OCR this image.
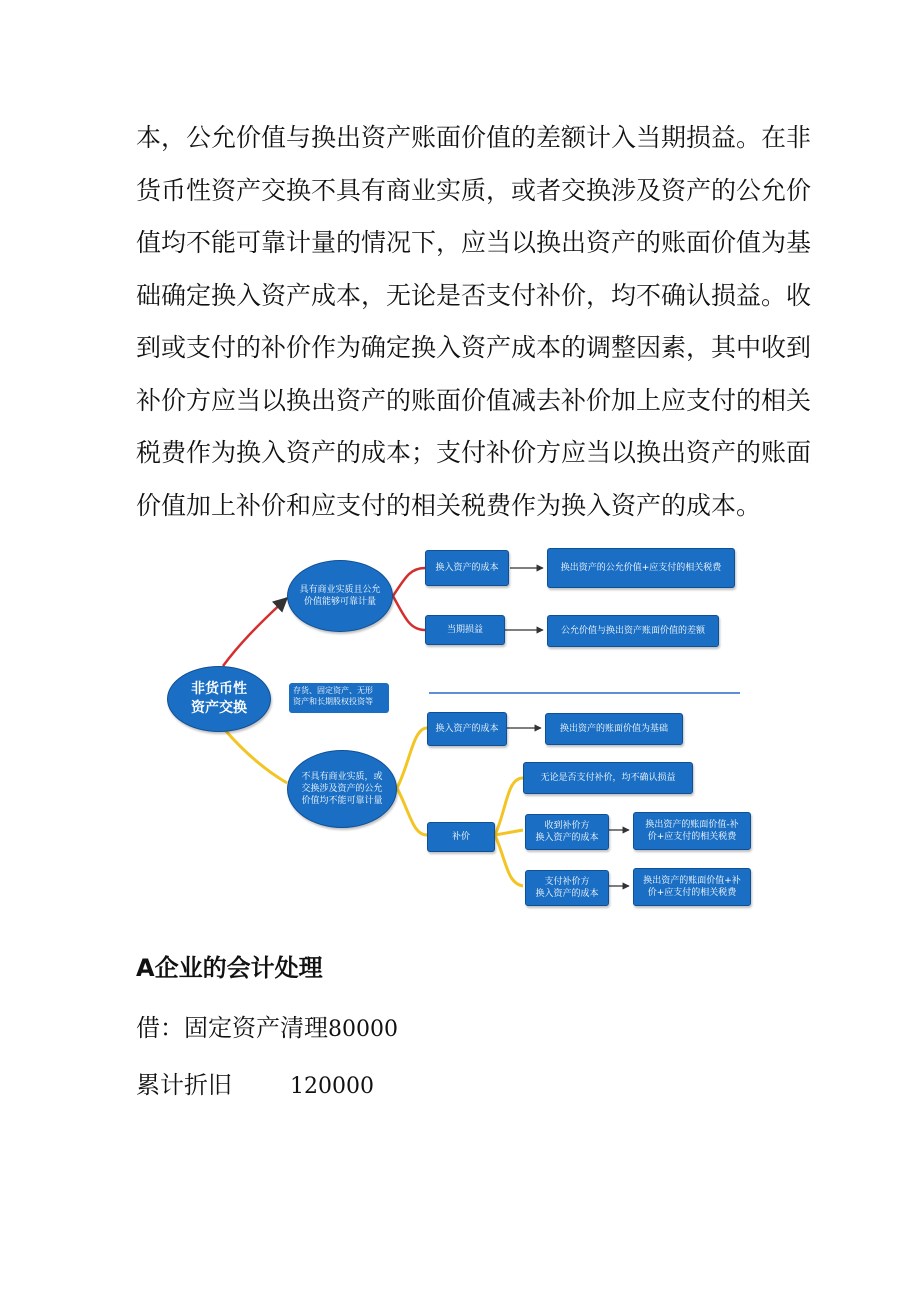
本，公允价值与换出资产账面价值的差额计入当期损益。在非
货币性资产交换不具有商业实质，或者交换涉及资产的公允价
值均不能可靠计量的情况下，应当以换出资产的账面价值为基
础确定换入资产成本，无论是否支付补价，均不确认损益。收
到或支付的补价作为确定换入资产成本的调整因素，其中收到
补价方应当以换出资产的账面价值减去补价加上应支付的相关
税费作为换入资产的成本；支付补价方应当以换出资产的账面
价值加上补价和应支付的相关税费作为换入资产的成本。

非货币性
资产交换
存货、固定资产、无形
资产和长期股权投资等
具有商业实质且公允
价值能够可靠计量
换入资产的成本	换出资产的公允价值+应支付的相关税费
当期损益	公允价值与换出资产账面价值的差额
不具有商业实质，或
交换涉及资产的公允
价值均不能可靠计量
换入资产的成本	换出资产的账面价值为基础
补价
无论是否支付补价，均不确认损益
收到补价方
换入资产的成本
换出资产的账面价值-补
价+应支付的相关税费
支付补价方
换入资产的成本
换出资产的账面价值+补
价+应支付的相关税费
A企业的会计处理

借：固定资产清理80000

累计折旧	120000
